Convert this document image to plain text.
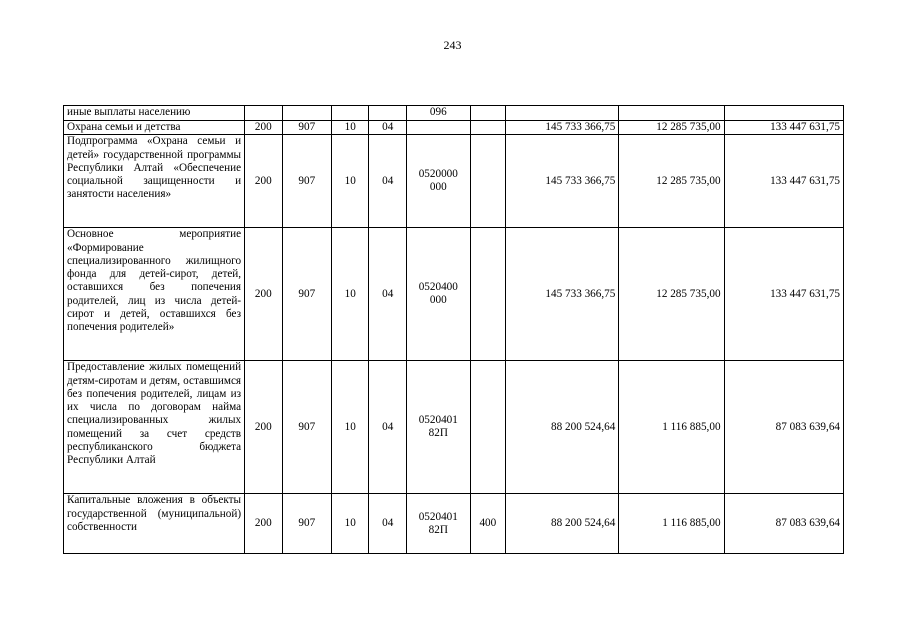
243
иные выплаты населению					096				
Охрана семьи и детства	200	907	10	04			145 733 366,75	12 285 735,00	133 447 631,75
Подпрограмма «Охрана семьи и детей» государственной программы Республики Алтай «Обеспечение социальной защищенности и занятости населения»	200	907	10	04	0520000 000		145 733 366,75	12 285 735,00	133 447 631,75
Основное мероприятие «Формирование специализированного жилищного фонда для детей-сирот, детей, оставшихся без попечения родителей, лиц из числа детей-сирот и детей, оставшихся без попечения родителей»	200	907	10	04	0520400 000		145 733 366,75	12 285 735,00	133 447 631,75
Предоставление жилых помещений детям-сиротам и детям, оставшимся без попечения родителей, лицам из их числа по договорам найма специализированных жилых помещений за счет средств республиканского бюджета Республики Алтай	200	907	10	04	0520401 82П		88 200 524,64	1 116 885,00	87 083 639,64
Капитальные вложения в объекты государственной (муниципальной) собственности	200	907	10	04	0520401 82П	400	88 200 524,64	1 116 885,00	87 083 639,64
